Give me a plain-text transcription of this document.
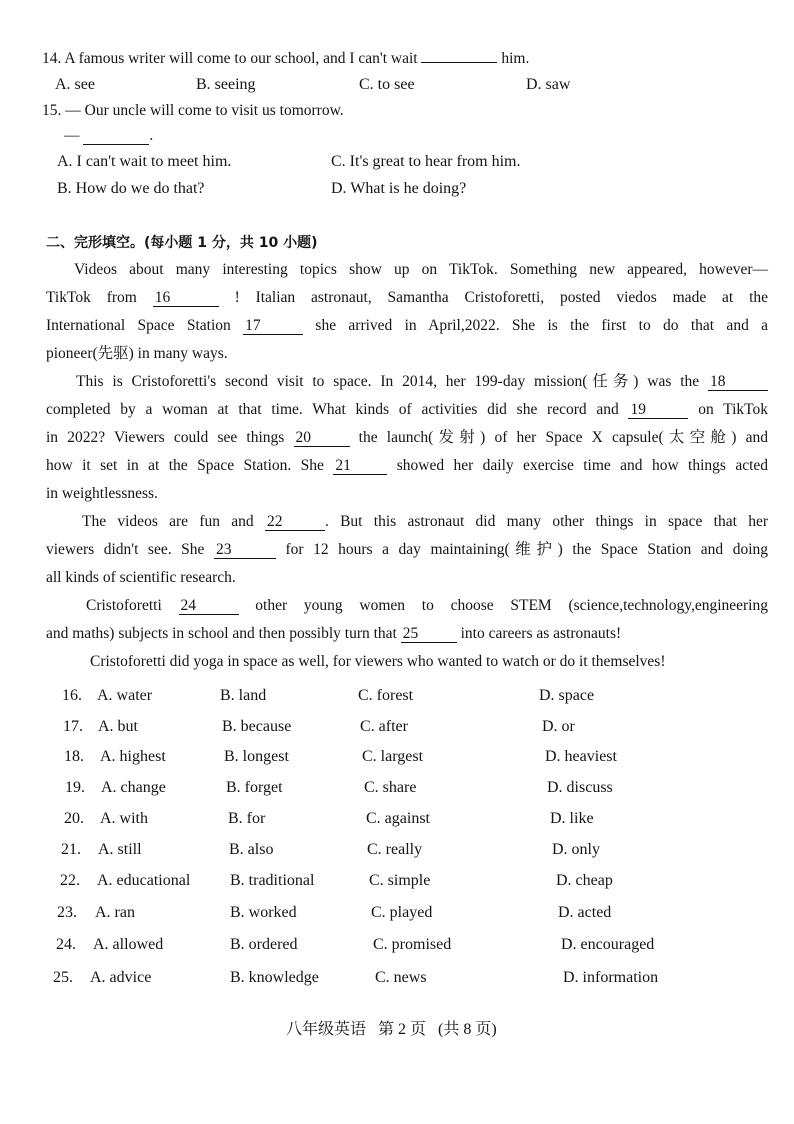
14. A famous writer will come to our school, and I can't wait	him.
A. see	B. seeing	C. to see	D. saw
15. — Our uncle will come to visit us tomorrow.
—	.
A. I can't wait to meet him.	C. It's great to hear from him.
B. How do we do that?	D. What is he doing?
二、完形填空。(每小题 1 分，共 10 小题)
Videos about many interesting topics show up on TikTok. Something new appeared, however—
TikTok from 16	! Italian astronaut, Samantha Cristoforetti, posted viedos made at the
International Space Station 17	she arrived in April,2022. She is the first to do that and a
pioneer(先驱) in many ways.
This is Cristoforetti's second visit to space. In 2014, her 199-day mission(任务) was the 18
completed by a woman at that time. What kinds of activities did she record and 19	on TikTok
in 2022? Viewers could see things 20	the launch(发射) of her Space X capsule(太空舱) and
how it set in at the Space Station. She 21	showed her daily exercise time and how things acted
in weightlessness.
The videos are fun and 22	. But this astronaut did many other things in space that her
viewers didn't see. She 23	for 12 hours a day maintaining(维护) the Space Station and doing
all kinds of scientific research.
Cristoforetti 24	other young women to choose STEM (science,technology,engineering
and maths) subjects in school and then possibly turn that 25	into careers as astronauts!
Cristoforetti did yoga in space as well, for viewers who wanted to watch or do it themselves!
16. A. water	B. land	C. forest	D. space
17. A. but	B. because	C. after	D. or
18. A. highest	B. longest	C. largest	D. heaviest
19. A. change	B. forget	C. share	D. discuss
20. A. with	B. for	C. against	D. like
21. A. still	B. also	C. really	D. only
22. A. educational B. traditional	C. simple	D. cheap
23. A. ran	B. worked	C. played	D. acted
24. A. allowed	B. ordered	C. promised	D. encouraged
25. A. advice	B. knowledge	C. news	D. information
八年级英语   第 2 页   (共 8 页)
